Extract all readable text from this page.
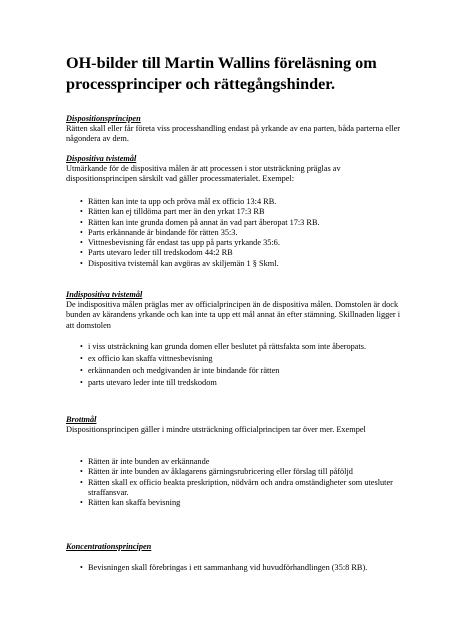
OH-bilder till Martin Wallins föreläsning om processprinciper och rättegångshinder.

Dispositionsprincipen

Rätten skall eller får företa viss processhandling endast på yrkande av ena parten, båda parterna eller någondera av dem.

Dispositiva tvistemål

Utmärkande för de dispositiva målen är att processen i stor utsträckning präglas av dispositionsprincipen särskilt vad gäller processmaterialet. Exempel:

• Rätten kan inte ta upp och pröva mål ex officio 13:4 RB.
• Rätten kan ej tilldöma part mer än den yrkat 17:3 RB
• Rätten kan inte grunda domen på annat än vad part åberopat 17:3 RB.
• Parts erkännande är bindande för rätten 35:3.
• Vittnesbevisning får endast tas upp på parts yrkande 35:6.
• Parts utevaro leder till tredskodom 44:2 RB
• Dispositiva tvistemål kan avgöras av skiljemän 1 § Skml.

Indispositiva tvistemål

De indispositiva målen präglas mer av officialprincipen än de dispositiva målen. Domstolen är dock bunden av kärandens yrkande och kan inte ta upp ett mål annat än efter stämning. Skillnaden ligger i att domstolen

• i viss utsträckning kan grunda domen eller beslutet på rättsfakta som inte åberopats.
• ex officio kan skaffa vittnesbevisning
• erkännanden och medgivanden är inte bindande för rätten
• parts utevaro leder inte till tredskodom

Brottmål

Dispositionsprincipen gäller i mindre utsträckning officialprincipen tar över mer. Exempel

• Rätten är inte bunden av erkännande
• Rätten är inte bunden av åklagarens gärningsrubricering eller förslag till påföljd
• Rätten skall ex officio beakta preskription, nödvärn och andra omständigheter som utesluter straffansvar.
• Rätten kan skaffa bevisning

Koncentrationsprincipen

• Bevisningen skall förebringas i ett sammanhang vid huvudförhandlingen (35:8 RB).
